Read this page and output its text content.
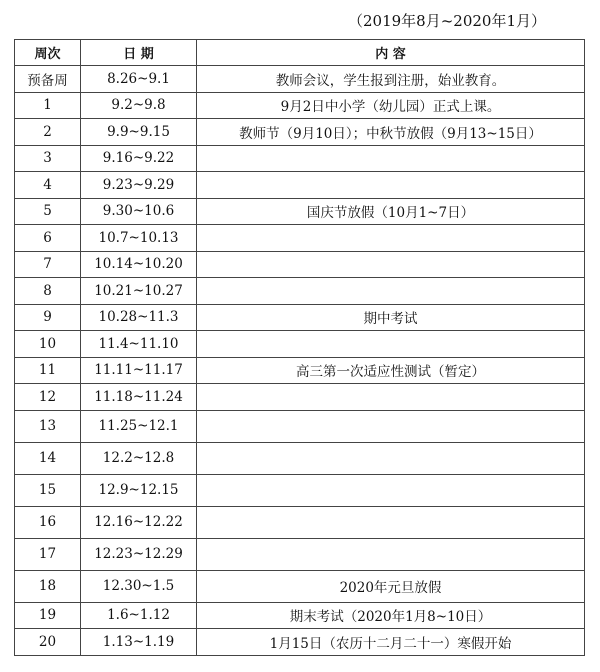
（2019年8月~2020年1月）
周次	日 期	内 容
预备周	8.26~9.1	教师会议，学生报到注册，始业教育。
1	9.2~9.8	9月2日中小学（幼儿园）正式上课。
2	9.9~9.15	教师节（9月10日）；中秋节放假（9月13~15日）
3	9.16~9.22	
4	9.23~9.29	
5	9.30~10.6	国庆节放假（10月1~7日）
6	10.7~10.13	
7	10.14~10.20	
8	10.21~10.27	
9	10.28~11.3	期中考试
10	11.4~11.10	
11	11.11~11.17	高三第一次适应性测试（暂定）
12	11.18~11.24	
13	11.25~12.1	
14	12.2~12.8	
15	12.9~12.15	
16	12.16~12.22	
17	12.23~12.29	
18	12.30~1.5	2020年元旦放假
19	1.6~1.12	期末考试（2020年1月8~10日）
20	1.13~1.19	1月15日（农历十二月二十一）寒假开始
